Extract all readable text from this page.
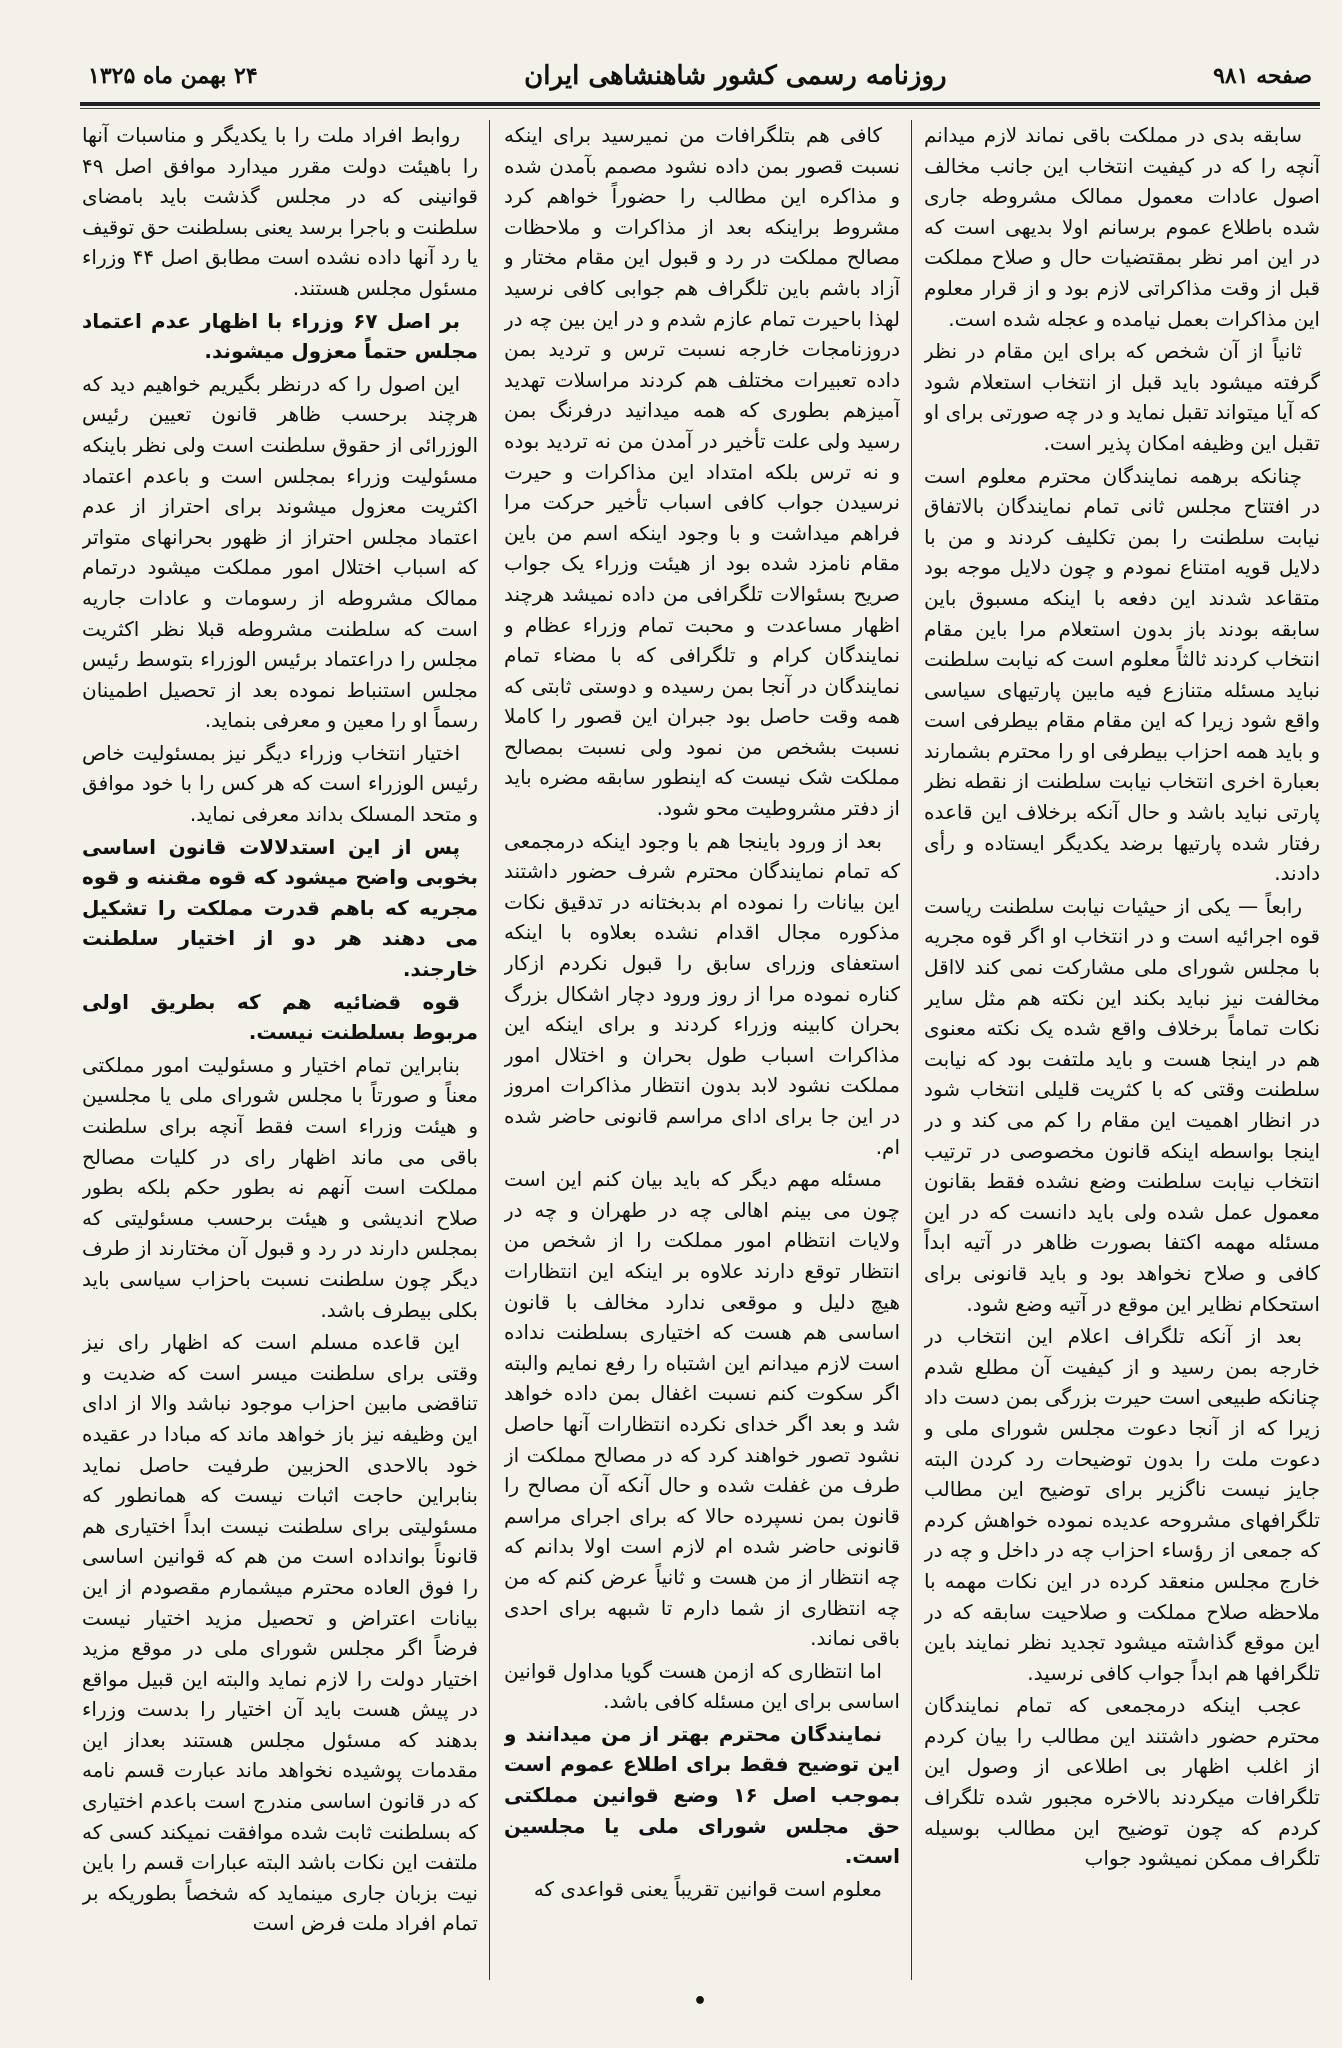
صفحه ۹۸۱
روزنامه رسمی کشور شاهنشاهی ایران
۲۴ بهمن ماه ۱۳۲۵

سابقه بدی در مملکت باقی نماند لازم میدانم آنچه را که در کیفیت انتخاب این جانب مخالف اصول عادات معمول ممالک مشروطه جاری شده باطلاع عموم برسانم اولا بدیهی است که در این امر نظر بمقتضیات حال و صلاح مملکت قبل از وقت مذاکراتی لازم بود و از قرار معلوم این مذاکرات بعمل نیامده و عجله شده است.

ثانیاً از آن شخص که برای این مقام در نظر گرفته میشود باید قبل از انتخاب استعلام شود که آیا میتواند تقبل نماید و در چه صورتی برای او تقبل این وظیفه امکان پذیر است.

چنانکه برهمه نمایندگان محترم معلوم است در افتتاح مجلس ثانی تمام نمایندگان بالاتفاق نیابت سلطنت را بمن تکلیف کردند و من با دلایل قویه امتناع نمودم و چون دلایل موجه بود متقاعد شدند این دفعه با اینکه مسبوق باین سابقه بودند باز بدون استعلام مرا باین مقام انتخاب کردند ثالثاً معلوم است که نیابت سلطنت نباید مسئله متنازع فیه مابین پارتیهای سیاسی واقع شود زیرا که این مقام مقام بیطرفی است و باید همه احزاب بیطرفی او را محترم بشمارند بعبارة اخری انتخاب نیابت سلطنت از نقطه نظر پارتی نباید باشد و حال آنکه برخلاف این قاعده رفتار شده پارتیها برضد یکدیگر ایستاده و رأی دادند.

رابعاً — یکی از حیثیات نیابت سلطنت ریاست قوه اجرائیه است و در انتخاب او اگر قوه مجریه با مجلس شورای ملی مشارکت نمی کند لااقل مخالفت نیز نباید بکند این نکته هم مثل سایر نکات تماماً برخلاف واقع شده یک نکته معنوی هم در اینجا هست و باید ملتفت بود که نیابت سلطنت وقتی که با کثریت قلیلی انتخاب شود در انظار اهمیت این مقام را کم می کند و در اینجا بواسطه اینکه قانون مخصوصی در ترتیب انتخاب نیابت سلطنت وضع نشده فقط بقانون معمول عمل شده ولی باید دانست که در این مسئله مهمه اکتفا بصورت ظاهر در آتیه ابداً کافی و صلاح نخواهد بود و باید قانونی برای استحکام نظایر این موقع در آتیه وضع شود.

بعد از آنکه تلگراف اعلام این انتخاب در خارجه بمن رسید و از کیفیت آن مطلع شدم چنانکه طبیعی است حیرت بزرگی بمن دست داد زیرا که از آنجا دعوت مجلس شورای ملی و دعوت ملت را بدون توضیحات رد کردن البته جایز نیست ناگزیر برای توضیح این مطالب تلگرافهای مشروحه عدیده نموده خواهش کردم که جمعی از رؤساء احزاب چه در داخل و چه در خارج مجلس منعقد کرده در این نکات مهمه با ملاحظه صلاح مملکت و صلاحیت سابقه که در این موقع گذاشته میشود تجدید نظر نمایند باین تلگرافها هم ابداً جواب کافی نرسید.

عجب اینکه درمجمعی که تمام نمایندگان محترم حضور داشتند این مطالب را بیان کردم از اغلب اظهار بی اطلاعی از وصول این تلگرافات میکردند بالاخره مجبور شده تلگراف کردم که چون توضیح این مطالب بوسیله تلگراف ممکن نمیشود جواب

کافی هم بتلگرافات من نمیرسید برای اینکه نسبت قصور بمن داده نشود مصمم بآمدن شده و مذاکره این مطالب را حضوراً خواهم کرد مشروط براینکه بعد از مذاکرات و ملاحظات مصالح مملکت در رد و قبول این مقام مختار و آزاد باشم باین تلگراف هم جوابی کافی نرسید لهذا باحیرت تمام عازم شدم و در این بین چه در دروزنامجات خارجه نسبت ترس و تردید بمن داده تعبیرات مختلف هم کردند مراسلات تهدید آمیزهم بطوری که همه میدانید درفرنگ بمن رسید ولی علت تأخیر در آمدن من نه تردید بوده و نه ترس بلکه امتداد این مذاکرات و حیرت نرسیدن جواب کافی اسباب تأخیر حرکت مرا فراهم میداشت و با وجود اینکه اسم من باین مقام نامزد شده بود از هیئت وزراء یک جواب صریح بسئوالات تلگرافی من داده نمیشد هرچند اظهار مساعدت و محبت تمام وزراء عظام و نمایندگان کرام و تلگرافی که با مضاء تمام نمایندگان در آنجا بمن رسیده و دوستی ثابتی که همه وقت حاصل بود جبران این قصور را کاملا نسبت بشخص من نمود ولی نسبت بمصالح مملکت شک نیست که اینطور سابقه مضره باید از دفتر مشروطیت محو شود.

بعد از ورود باینجا هم با وجود اینکه درمجمعی که تمام نمایندگان محترم شرف حضور داشتند این بیانات را نموده ام بدبختانه در تدقیق نکات مذکوره مجال اقدام نشده بعلاوه با اینکه استعفای وزرای سابق را قبول نکردم ازکار کناره نموده مرا از روز ورود دچار اشکال بزرگ بحران کابینه وزراء کردند و برای اینکه این مذاکرات اسباب طول بحران و اختلال امور مملکت نشود لابد بدون انتظار مذاکرات امروز در این جا برای ادای مراسم قانونی حاضر شده ام.

مسئله مهم دیگر که باید بیان کنم این است چون می بینم اهالی چه در طهران و چه در ولایات انتظام امور مملکت را از شخص من انتظار توقع دارند علاوه بر اینکه این انتظارات هیچ دلیل و موقعی ندارد مخالف با قانون اساسی هم هست که اختیاری بسلطنت نداده است لازم میدانم این اشتباه را رفع نمایم والبته اگر سکوت کنم نسبت اغفال بمن داده خواهد شد و بعد اگر خدای نکرده انتظارات آنها حاصل نشود تصور خواهند کرد که در مصالح مملکت از طرف من غفلت شده و حال آنکه آن مصالح را قانون بمن نسپرده حالا که برای اجرای مراسم قانونی حاضر شده ام لازم است اولا بدانم که چه انتظار از من هست و ثانیاً عرض کنم که من چه انتظاری از شما دارم تا شبهه برای احدی باقی نماند.

اما انتظاری که ازمن هست گویا مداول قوانین اساسی برای این مسئله کافی باشد.

نمایندگان محترم بهتر از من میدانند و این توضیح فقط برای اطلاع عموم است بموجب اصل ۱۶ وضع قوانین مملکتی حق مجلس شورای ملی یا مجلسین است.

معلوم است قوانین تقریباً یعنی قواعدی که

روابط افراد ملت را با یکدیگر و مناسبات آنها را باهیئت دولت مقرر میدارد موافق اصل ۴۹ قوانینی که در مجلس گذشت باید بامضای سلطنت و باجرا برسد یعنی بسلطنت حق توقیف یا رد آنها داده نشده است مطابق اصل ۴۴ وزراء مسئول مجلس هستند.

بر اصل ۶۷ وزراء با اظهار عدم اعتماد مجلس حتماً معزول میشوند.

این اصول را که درنظر بگیریم خواهیم دید که هرچند برحسب ظاهر قانون تعیین رئیس الوزرائی از حقوق سلطنت است ولی نظر باینکه مسئولیت وزراء بمجلس است و باعدم اعتماد اکثریت معزول میشوند برای احتراز از عدم اعتماد مجلس احتراز از ظهور بحرانهای متواتر که اسباب اختلال امور مملکت میشود درتمام ممالک مشروطه از رسومات و عادات جاریه است که سلطنت مشروطه قبلا نظر اکثریت مجلس را دراعتماد برئیس الوزراء بتوسط رئیس مجلس استنباط نموده بعد از تحصیل اطمینان رسماً او را معین و معرفی بنماید.

اختیار انتخاب وزراء دیگر نیز بمسئولیت خاص رئیس الوزراء است که هر کس را با خود موافق و متحد المسلک بداند معرفی نماید.

پس از این استدلالات قانون اساسی بخوبی واضح میشود که قوه مقننه و قوه مجریه که باهم قدرت مملکت را تشکیل می دهند هر دو از اختیار سلطنت خارجند.

قوه قضائیه هم که بطریق اولی مربوط بسلطنت نیست.

بنابراین تمام اختیار و مسئولیت امور مملکتی معناً و صورتاً با مجلس شورای ملی یا مجلسین و هیئت وزراء است فقط آنچه برای سلطنت باقی می ماند اظهار رای در کلیات مصالح مملکت است آنهم نه بطور حکم بلکه بطور صلاح اندیشی و هیئت برحسب مسئولیتی که بمجلس دارند در رد و قبول آن مختارند از طرف دیگر چون سلطنت نسبت باحزاب سیاسی باید بکلی بیطرف باشد.

این قاعده مسلم است که اظهار رای نیز وقتی برای سلطنت میسر است که ضدیت و تناقضی مابین احزاب موجود نباشد والا از ادای این وظیفه نیز باز خواهد ماند که مبادا در عقیده خود بالاحدی الحزبین طرفیت حاصل نماید بنابراین حاجت اثبات نیست که همانطور که مسئولیتی برای سلطنت نیست ابداً اختیاری هم قانوناً بوانداده است من هم که قوانین اساسی را فوق العاده محترم میشمارم مقصودم از این بیانات اعتراض و تحصیل مزید اختیار نیست فرضاً اگر مجلس شورای ملی در موقع مزید اختیار دولت را لازم نماید والبته این قبیل مواقع در پیش هست باید آن اختیار را بدست وزراء بدهند که مسئول مجلس هستند بعداز این مقدمات پوشیده نخواهد ماند عبارت قسم نامه که در قانون اساسی مندرج است باعدم اختیاری که بسلطنت ثابت شده موافقت نمیکند کسی که ملتفت این نکات باشد البته عبارات قسم را باین نیت بزبان جاری مینماید که شخصاً بطوریکه بر تمام افراد ملت فرض است

•
